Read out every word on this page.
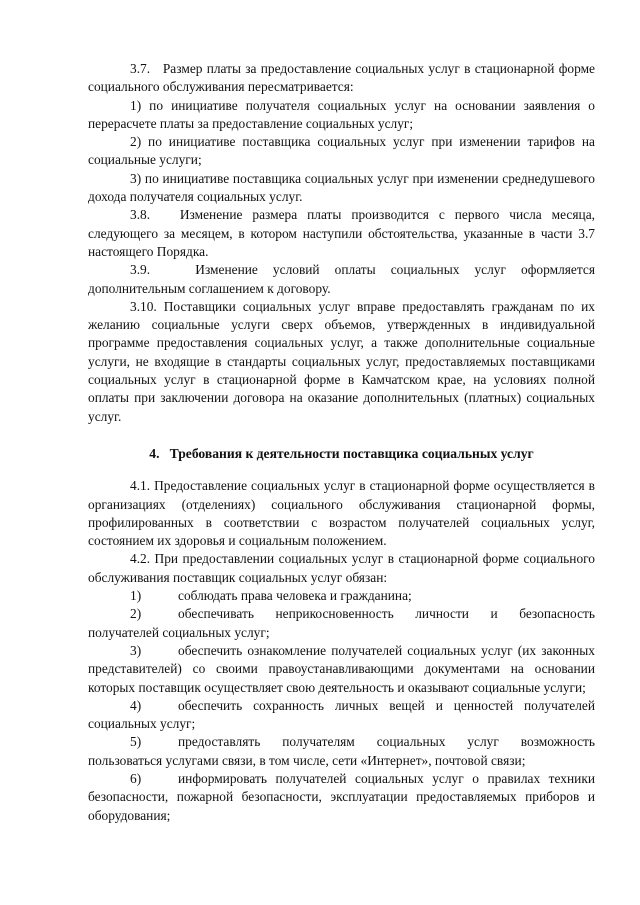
3.7.   Размер платы за предоставление социальных услуг в стационарной форме социального обслуживания пересматривается:

1) по инициативе получателя социальных услуг на основании заявления о перерасчете платы за предоставление социальных услуг;

2) по инициативе поставщика социальных услуг при изменении тарифов на социальные услуги;

3) по инициативе поставщика социальных услуг при изменении среднедушевого дохода получателя социальных услуг.

3.8.   Изменение размера платы производится с первого числа месяца, следующего за месяцем, в котором наступили обстоятельства, указанные в части 3.7 настоящего Порядка.

3.9.   Изменение условий оплаты социальных услуг оформляется дополнительным соглашением к договору.

3.10. Поставщики социальных услуг вправе предоставлять гражданам по их желанию социальные услуги сверх объемов, утвержденных в индивидуальной программе предоставления социальных услуг, а также дополнительные социальные услуги, не входящие в стандарты социальных услуг, предоставляемых поставщиками социальных услуг в стационарной форме в Камчатском крае, на условиях полной оплаты при заключении договора на оказание дополнительных (платных) социальных услуг.

4.   Требования к деятельности поставщика социальных услуг

4.1. Предоставление социальных услуг в стационарной форме осуществляется в организациях (отделениях) социального обслуживания стационарной формы, профилированных в соответствии с возрастом получателей социальных услуг, состоянием их здоровья и социальным положением.

4.2. При предоставлении социальных услуг в стационарной форме социального обслуживания поставщик социальных услуг обязан:

1)	соблюдать права человека и гражданина;

2)	обеспечивать неприкосновенность личности и безопасность получателей социальных услуг;

3)	обеспечить ознакомление получателей социальных услуг (их законных представителей) со своими правоустанавливающими документами на основании которых поставщик осуществляет свою деятельность и оказывают социальные услуги;

4)	обеспечить сохранность личных вещей и ценностей получателей социальных услуг;

5)	предоставлять получателям социальных услуг возможность пользоваться услугами связи, в том числе, сети «Интернет», почтовой связи;

6)	информировать получателей социальных услуг о правилах техники безопасности, пожарной безопасности, эксплуатации предоставляемых приборов и оборудования;
